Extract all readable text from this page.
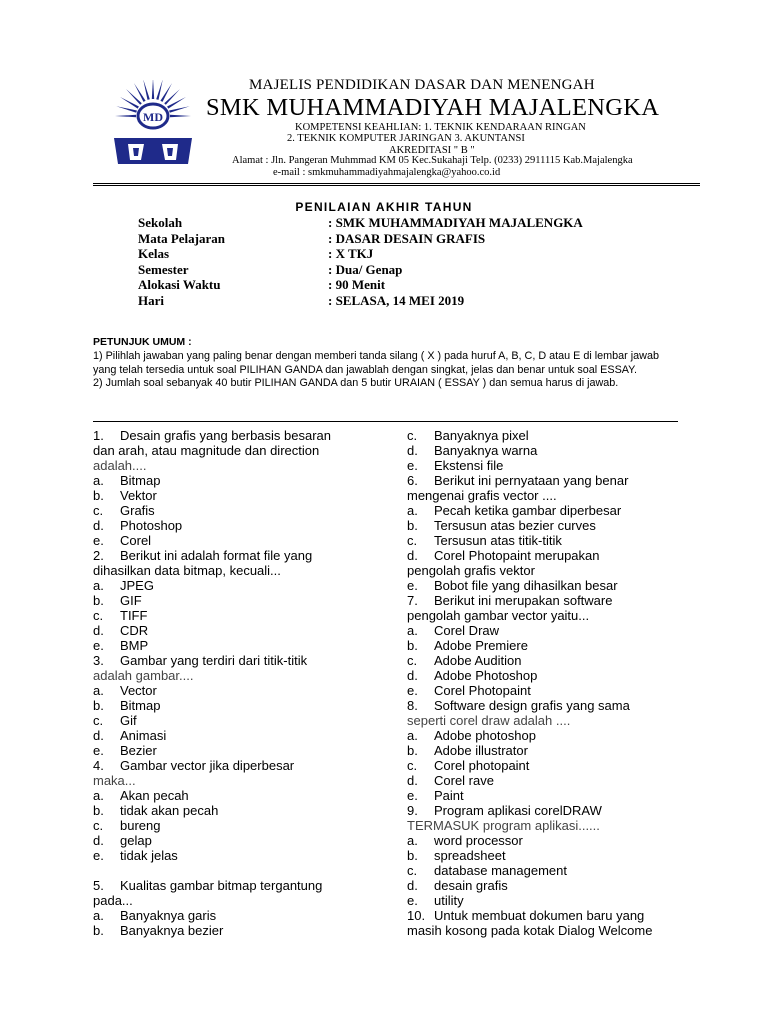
MD
MAJELIS PENDIDIKAN DASAR DAN MENENGAH
SMK MUHAMMADIYAH MAJALENGKA
KOMPETENSI KEAHLIAN: 1. TEKNIK KENDARAAN RINGAN
2. TEKNIK KOMPUTER JARINGAN 3. AKUNTANSI
AKREDITASI " B "
Alamat : Jln. Pangeran Muhmmad KM 05 Kec.Sukahaji Telp. (0233) 2911115 Kab.Majalengka
e-mail : smkmuhammadiyahmajalengka@yahoo.co.id
PENILAIAN AKHIR TAHUN
Sekolah	: SMK MUHAMMADIYAH MAJALENGKA
Mata Pelajaran	: DASAR DESAIN GRAFIS
Kelas	: X TKJ
Semester	: Dua/ Genap
Alokasi Waktu	: 90 Menit
Hari	: SELASA, 14 MEI 2019
PETUNJUK UMUM :

1) Pilihlah jawaban yang paling benar dengan memberi tanda silang ( X ) pada huruf A, B, C, D atau E di lembar jawab yang telah tersedia untuk soal PILIHAN GANDA dan jawablah dengan singkat, jelas dan benar untuk soal ESSAY.

2) Jumlah soal sebanyak 40 butir PILIHAN GANDA dan 5 butir URAIAN ( ESSAY ) dan semua harus di jawab.

1. Desain grafis yang berbasis besaran
dan arah, atau magnitude dan direction
adalah....
a. Bitmap
b. Vektor
c. Grafis
d. Photoshop
e. Corel
2. Berikut ini adalah format file yang
dihasilkan data bitmap, kecuali...
a. JPEG
b. GIF
c. TIFF
d. CDR
e. BMP
3. Gambar yang terdiri dari titik-titik
adalah gambar....
a. Vector
b. Bitmap
c. Gif
d. Animasi
e. Bezier
4. Gambar vector jika diperbesar
maka...
a. Akan pecah
b. tidak akan pecah
c. bureng
d. gelap
e. tidak jelas
5. Kualitas gambar bitmap tergantung
pada...
a. Banyaknya garis
b. Banyaknya bezier
c. Banyaknya pixel
d. Banyaknya warna
e. Ekstensi file
6. Berikut ini pernyataan yang benar
mengenai grafis vector ....
a. Pecah ketika gambar diperbesar
b. Tersusun atas bezier curves
c. Tersusun atas titik-titik
d. Corel Photopaint merupakan
pengolah grafis vektor
e. Bobot file yang dihasilkan besar
7. Berikut ini merupakan software
pengolah gambar vector yaitu...
a. Corel Draw
b. Adobe Premiere
c. Adobe Audition
d. Adobe Photoshop
e. Corel Photopaint
8. Software design grafis yang sama
seperti corel draw adalah ....
a. Adobe photoshop
b. Adobe illustrator
c. Corel photopaint
d. Corel rave
e. Paint
9. Program aplikasi corelDRAW
TERMASUK program aplikasi......
a. word processor
b. spreadsheet
c. database management
d. desain grafis
e. utility
10. Untuk membuat dokumen baru yang
masih kosong pada kotak Dialog Welcome
